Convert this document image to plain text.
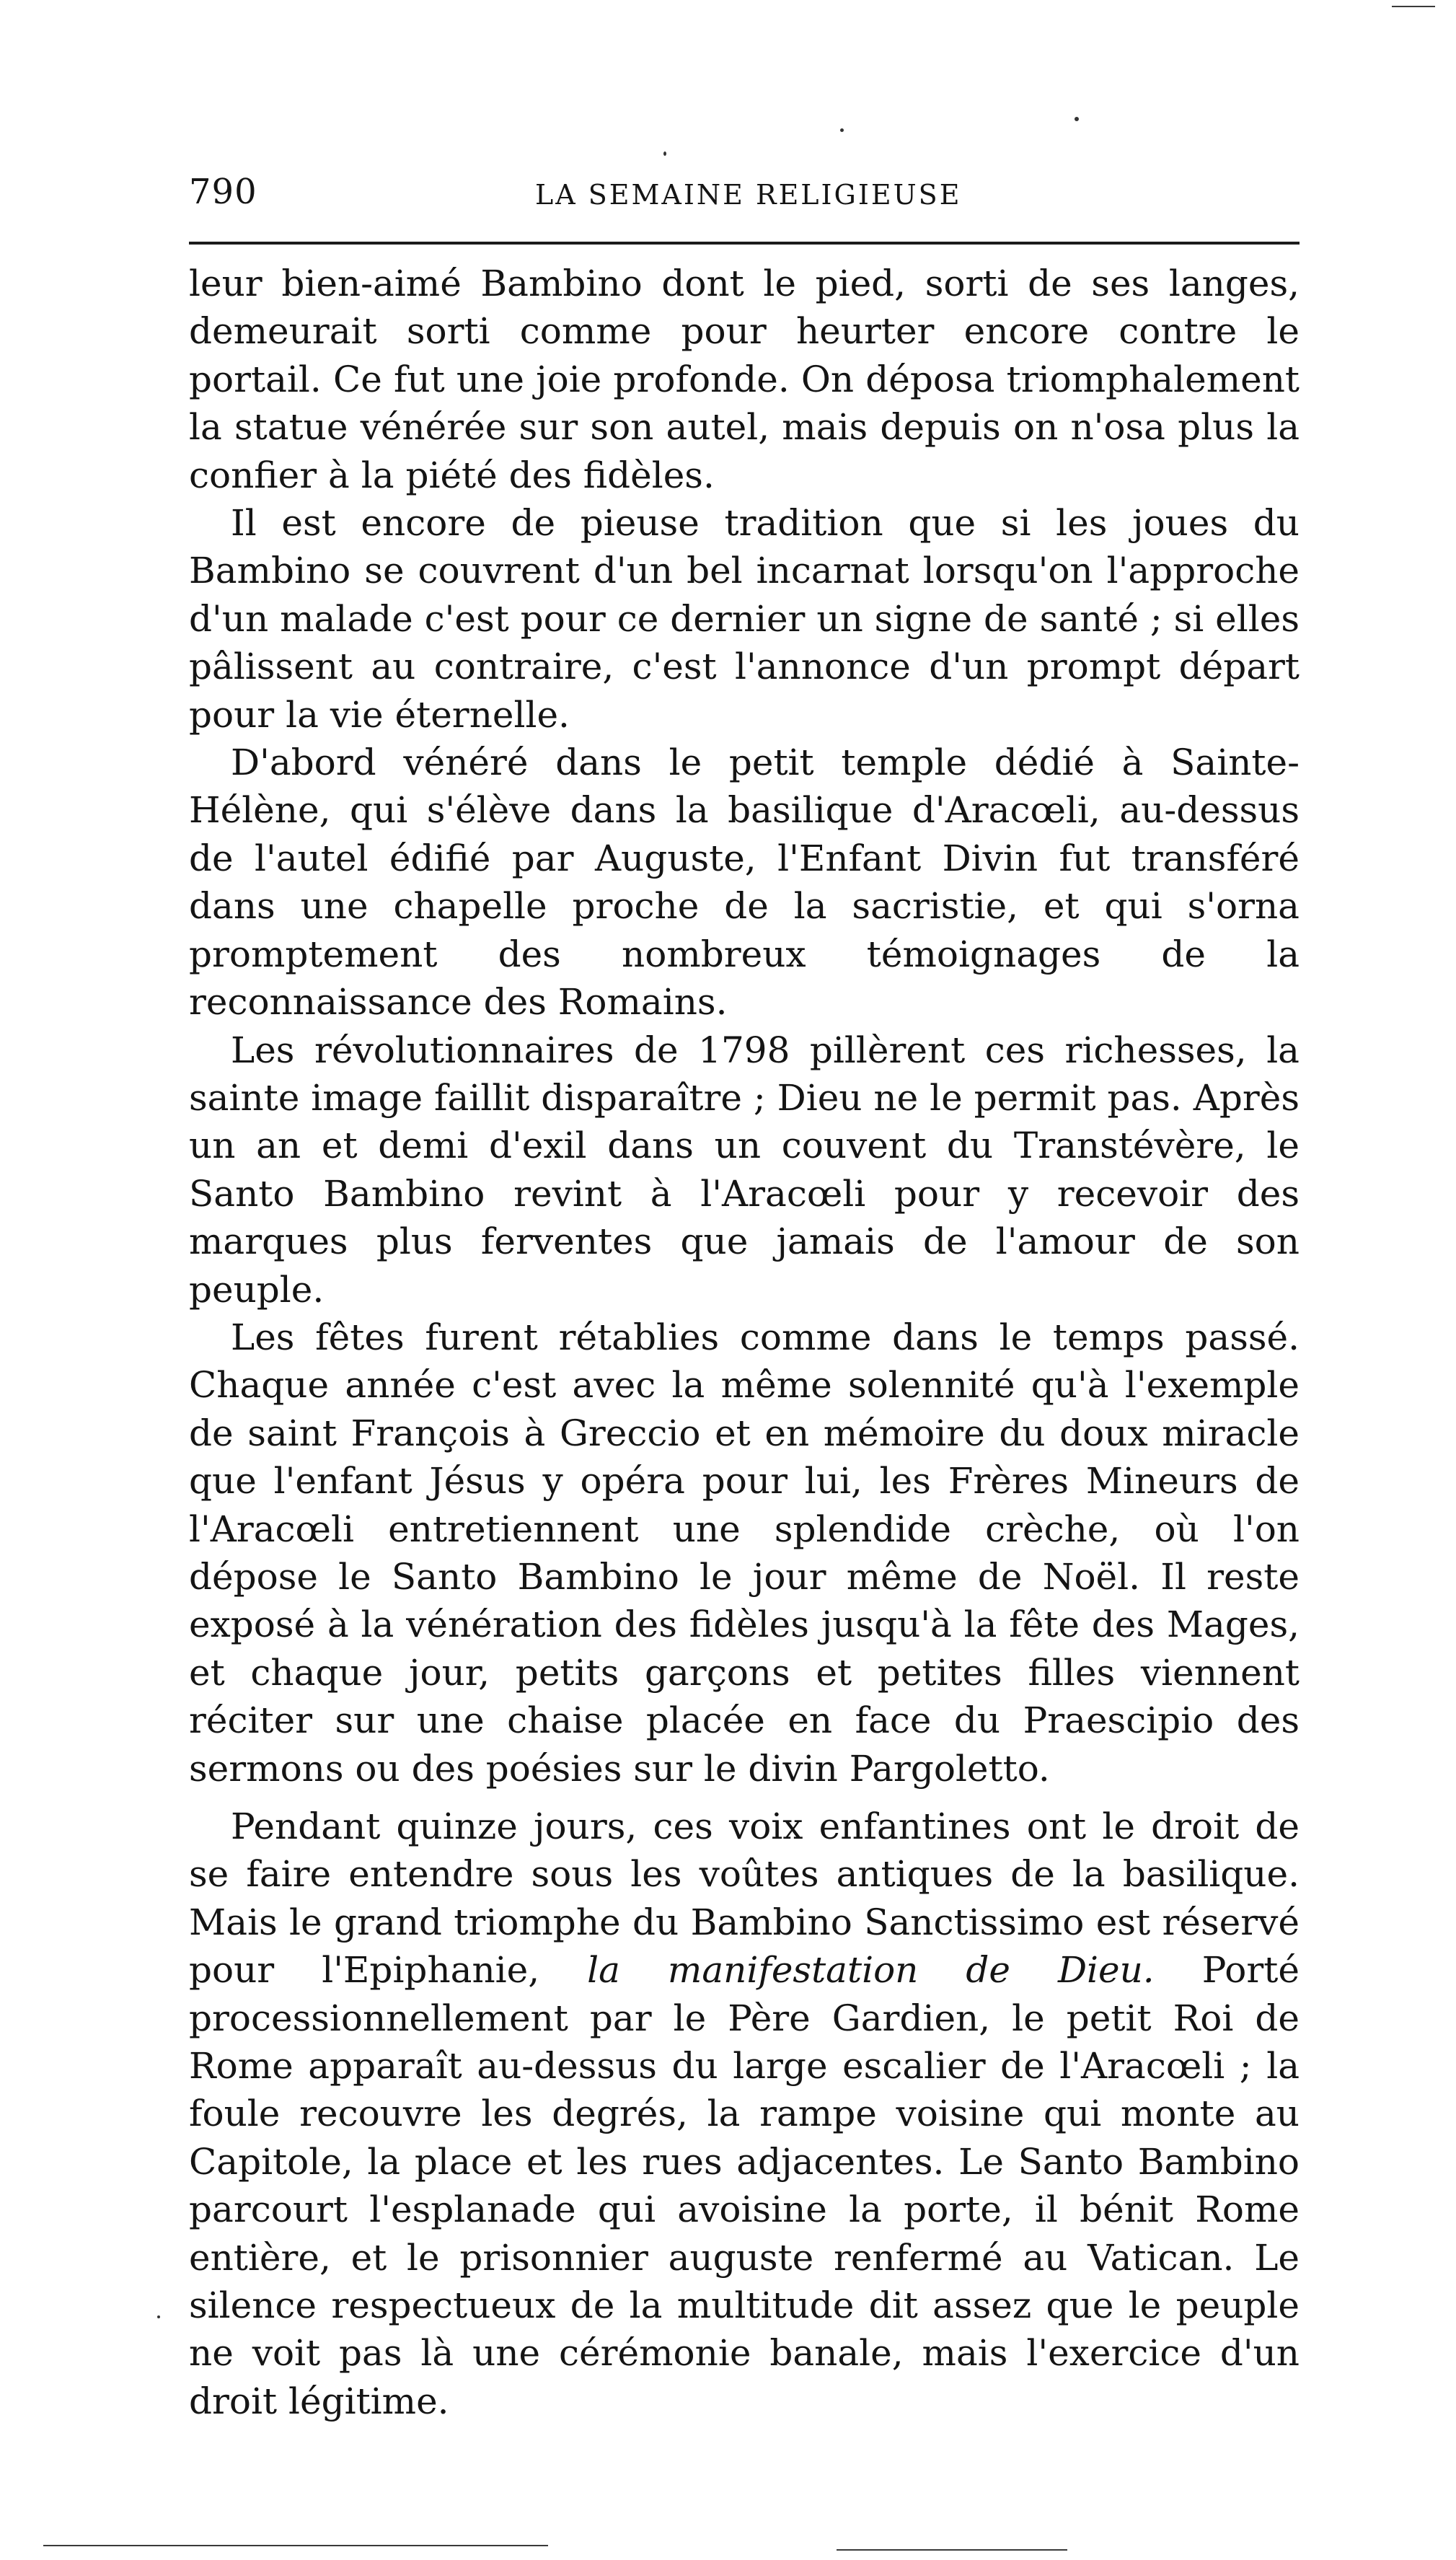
790	LA SEMAINE RELIGIEUSE

leur bien-aimé Bambino dont le pied, sorti de ses langes, demeurait sorti comme pour heurter encore contre le portail. Ce fut une joie profonde. On déposa triomphalement la statue vénérée sur son autel, mais depuis on n'osa plus la confier à la piété des fidèles.

Il est encore de pieuse tradition que si les joues du Bambino se couvrent d'un bel incarnat lorsqu'on l'approche d'un malade c'est pour ce dernier un signe de santé ; si elles pâlissent au contraire, c'est l'annonce d'un prompt départ pour la vie éternelle.

D'abord vénéré dans le petit temple dédié à Sainte-Hélène, qui s'élève dans la basilique d'Aracœli, au-dessus de l'autel édifié par Auguste, l'Enfant Divin fut transféré dans une chapelle proche de la sacristie, et qui s'orna promptement des nombreux témoignages de la reconnaissance des Romains.

Les révolutionnaires de 1798 pillèrent ces richesses, la sainte image faillit disparaître ; Dieu ne le permit pas. Après un an et demi d'exil dans un couvent du Transtévère, le Santo Bambino revint à l'Aracœli pour y recevoir des marques plus ferventes que jamais de l'amour de son peuple.

Les fêtes furent rétablies comme dans le temps passé. Chaque année c'est avec la même solennité qu'à l'exemple de saint François à Greccio et en mémoire du doux miracle que l'enfant Jésus y opéra pour lui, les Frères Mineurs de l'Aracœli entretiennent une splendide crèche, où l'on dépose le Santo Bambino le jour même de Noël. Il reste exposé à la vénération des fidèles jusqu'à la fête des Mages, et chaque jour, petits garçons et petites filles viennent réciter sur une chaise placée en face du Praescipio des sermons ou des poésies sur le divin Pargoletto.

Pendant quinze jours, ces voix enfantines ont le droit de se faire entendre sous les voûtes antiques de la basilique. Mais le grand triomphe du Bambino Sanctissimo est réservé pour l'Epiphanie, la manifestation de Dieu. Porté processionnellement par le Père Gardien, le petit Roi de Rome apparaît au-dessus du large escalier de l'Aracœli ; la foule recouvre les degrés, la rampe voisine qui monte au Capitole, la place et les rues adjacentes. Le Santo Bambino parcourt l'esplanade qui avoisine la porte, il bénit Rome entière, et le prisonnier auguste renfermé au Vatican. Le silence respectueux de la multitude dit assez que le peuple ne voit pas là une cérémonie banale, mais l'exercice d'un droit légitime.
